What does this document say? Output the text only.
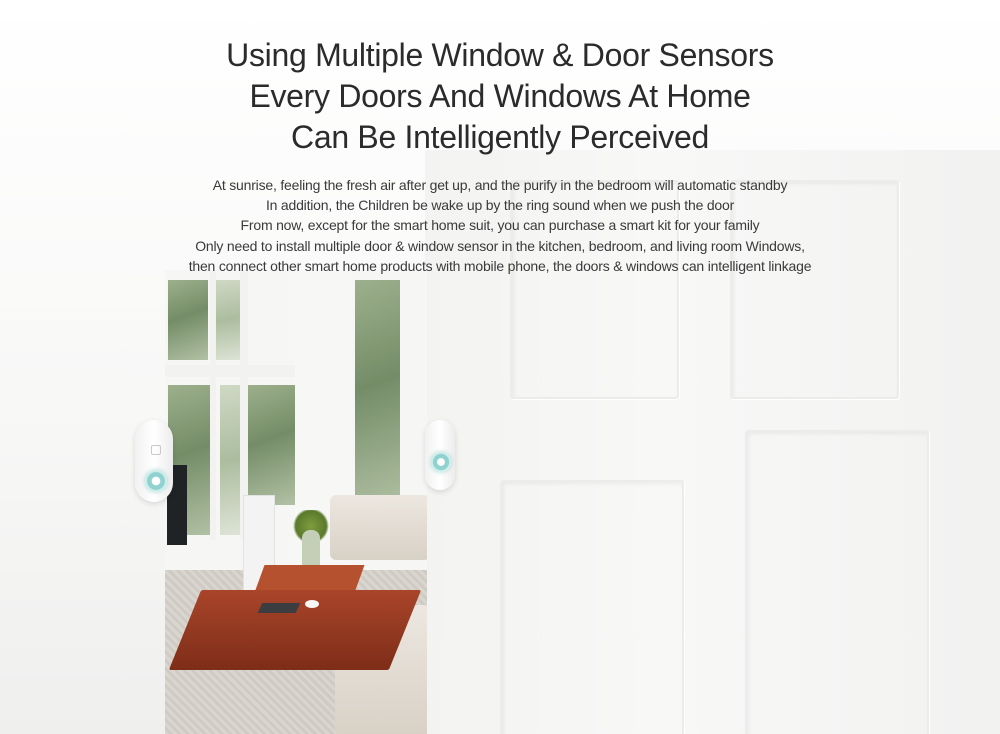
Using Multiple Window & Door Sensors
Every Doors And Windows At Home
Can Be Intelligently Perceived
At sunrise, feeling the fresh air after get up, and the purify in the bedroom will automatic standby
In addition, the Children be wake up by the ring sound when we push the door
From now, except for the smart home suit, you can purchase a smart kit for your family
Only need to install multiple door & window sensor in the kitchen, bedroom, and living room Windows,
then connect other smart home products with mobile phone, the doors & windows can intelligent linkage
